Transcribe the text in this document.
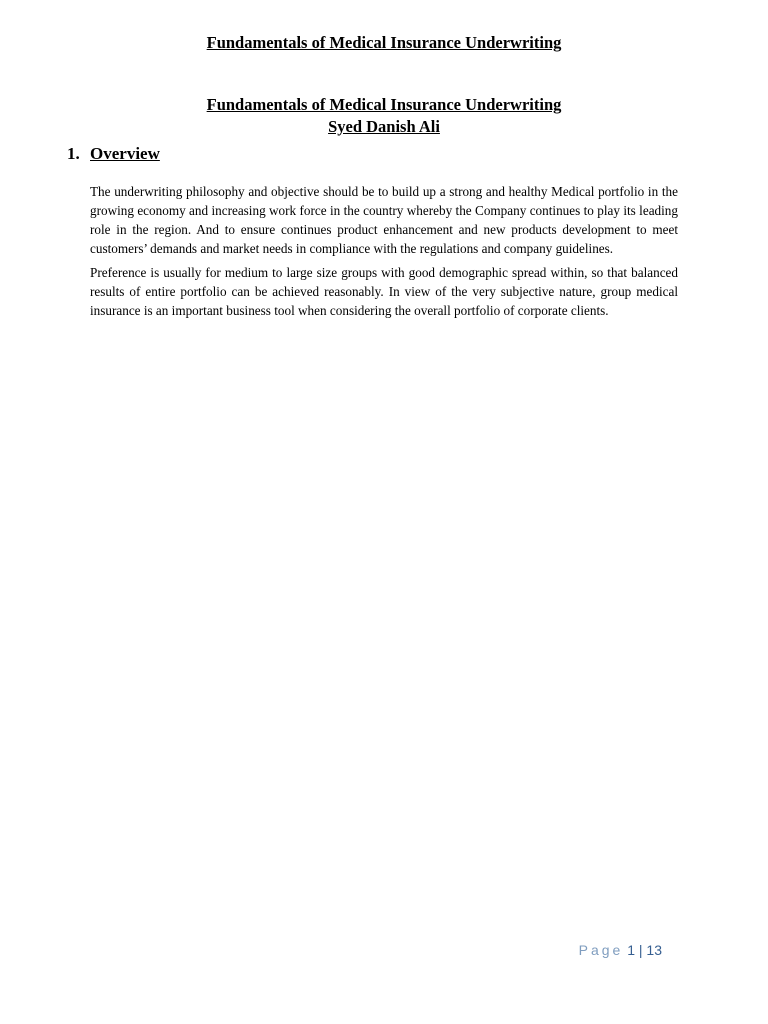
Fundamentals of Medical Insurance Underwriting
Fundamentals of Medical Insurance Underwriting
Syed Danish Ali
1. Overview

The underwriting philosophy and objective should be to build up a strong and healthy Medical portfolio in the growing economy and increasing work force in the country whereby the Company continues to play its leading role in the region. And to ensure continues product enhancement and new products development to meet customers’ demands and market needs in compliance with the regulations and company guidelines.

Preference is usually for medium to large size groups with good demographic spread within, so that balanced results of entire portfolio can be achieved reasonably. In view of the very subjective nature, group medical insurance is an important business tool when considering the overall portfolio of corporate clients.

Page 1 | 13
